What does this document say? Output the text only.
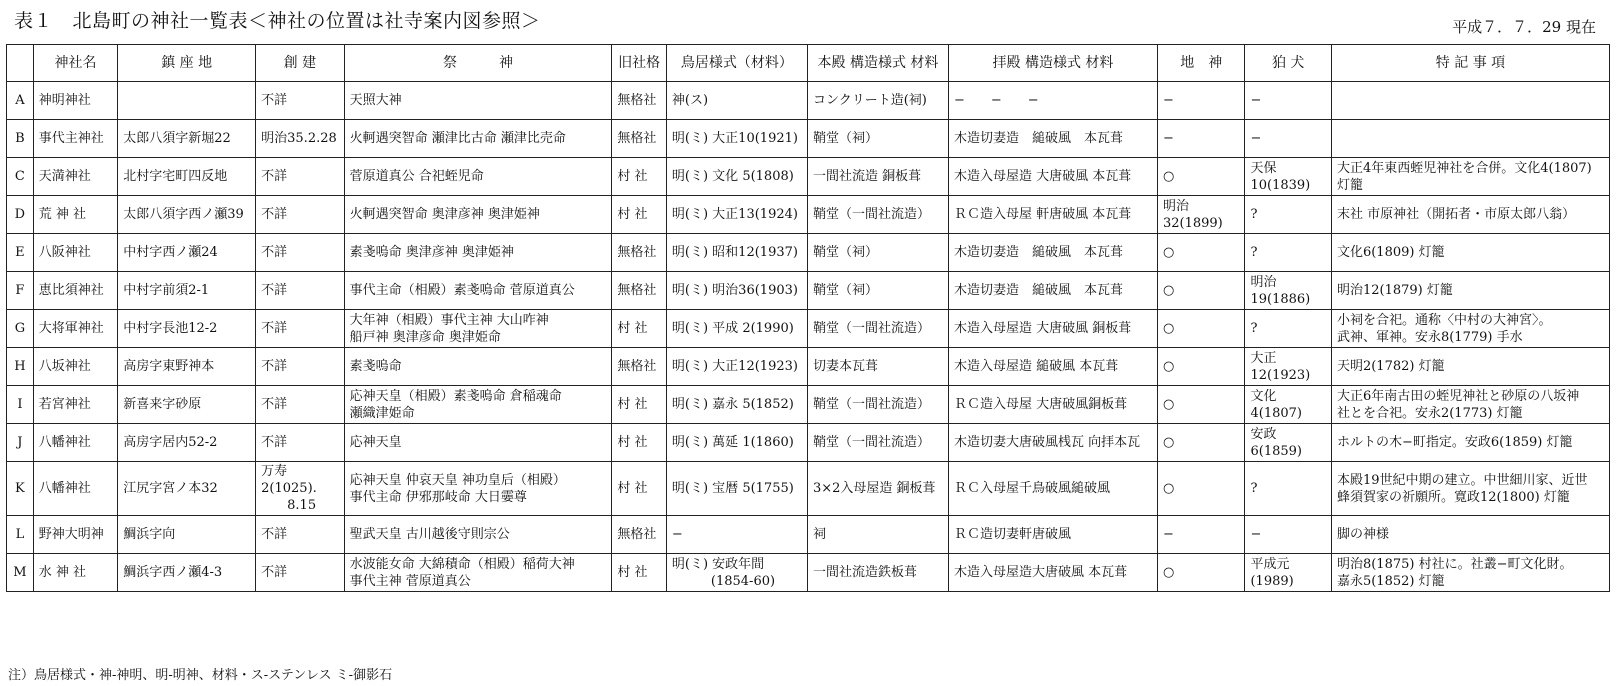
表１　北島町の神社一覧表＜神社の位置は社寺案内図参照＞	平成７．７．29 現在
	神社名	鎮 座 地	創 建	祭　　　神	旧社格	鳥居様式（材料）	本殿 構造様式 材料	拝殿 構造様式 材料	地　神	狛 犬	特 記 事 項
A	神明神社		不詳	天照大神	無格社	神(ス)	コンクリート造(祠)	−　　−　　−	−	−	
B	事代主神社	太郎八須字新堀22	明治35.2.28	火軻遇突智命 瀬津比古命 瀬津比売命	無格社	明(ミ) 大正10(1921)	鞘堂（祠）	木造切妻造　縋破風　本瓦葺	−	−	
C	天満神社	北村字宅町四反地	不詳	菅原道真公 合祀蛭児命	村 社	明(ミ) 文化 5(1808)	一間社流造 銅板葺	木造入母屋造 大唐破風 本瓦葺	○	天保10(1839)	大正4年東西蛭児神社を合併。文化4(1807)灯籠
D	荒 神 社	太郎八須字西ノ瀬39	不詳	火軻遇突智命 奥津彦神 奥津姫神	村 社	明(ミ) 大正13(1924)	鞘堂（一間社流造）	ＲＣ造入母屋 軒唐破風 本瓦葺	明治32(1899)	?	末社 市原神社（開拓者・市原太郎八翁）
E	八阪神社	中村字西ノ瀬24	不詳	素戔嗚命 奥津彦神 奥津姫神	無格社	明(ミ) 昭和12(1937)	鞘堂（祠）	木造切妻造　縋破風　本瓦葺	○	?	文化6(1809) 灯籠
F	恵比須神社	中村字前須2-1	不詳	事代主命（相殿）素戔嗚命 菅原道真公	無格社	明(ミ) 明治36(1903)	鞘堂（祠）	木造切妻造　縋破風　本瓦葺	○	明治19(1886)	明治12(1879) 灯籠
G	大将軍神社	中村字長池12-2	不詳	大年神（相殿）事代主神 大山咋神
船戸神 奥津彦命 奥津姫命	村 社	明(ミ) 平成 2(1990)	鞘堂（一間社流造）	木造入母屋造 大唐破風 銅板葺	○	?	小祠を合祀。通称〈中村の大神宮〉。
武神、軍神。安永8(1779) 手水
H	八坂神社	高房字東野神本	不詳	素戔嗚命	無格社	明(ミ) 大正12(1923)	切妻本瓦葺	木造入母屋造 縋破風 本瓦葺	○	大正12(1923)	天明2(1782) 灯籠
I	若宮神社	新喜来字砂原	不詳	応神天皇（相殿）素戔嗚命 倉稲魂命
瀬織津姫命	村 社	明(ミ) 嘉永 5(1852)	鞘堂（一間社流造）	ＲＣ造入母屋 大唐破風銅板葺	○	文化 4(1807)	大正6年南古田の蛭児神社と砂原の八坂神
社とを合祀。安永2(1773) 灯籠
J	八幡神社	高房字居内52-2	不詳	応神天皇	村 社	明(ミ) 萬延 1(1860)	鞘堂（一間社流造）	木造切妻大唐破風桟瓦 向拝本瓦	○	安政 6(1859)	ホルトの木−町指定。安政6(1859) 灯籠
K	八幡神社	江尻字宮ノ本32	万寿2(1025).
　　8.15	応神天皇 仲哀天皇 神功皇后（相殿）
事代主命 伊邪那岐命 大日孁尊	村 社	明(ミ) 宝暦 5(1755)	3×2入母屋造 銅板葺	ＲＣ入母屋千鳥破風縋破風	○	?	本殿19世紀中期の建立。中世細川家、近世
蜂須賀家の祈願所。寛政12(1800) 灯籠
L	野神大明神	鯛浜字向	不詳	聖武天皇 古川越後守則宗公	無格社	−	祠	ＲＣ造切妻軒唐破風	−	−	脚の神様
M	水 神 社	鯛浜字西ノ瀬4-3	不詳	水波能女命 大綿積命（相殿）稲荷大神
事代主神 菅原道真公	村 社	明(ミ) 安政年間
　　　(1854-60)	一間社流造鉄板葺	木造入母屋造大唐破風 本瓦葺	○	平成元(1989)	明治8(1875) 村社に。社叢−町文化財。
嘉永5(1852) 灯籠
注）鳥居様式・神-神明、明-明神、材料・ス-ステンレス ミ-御影石
